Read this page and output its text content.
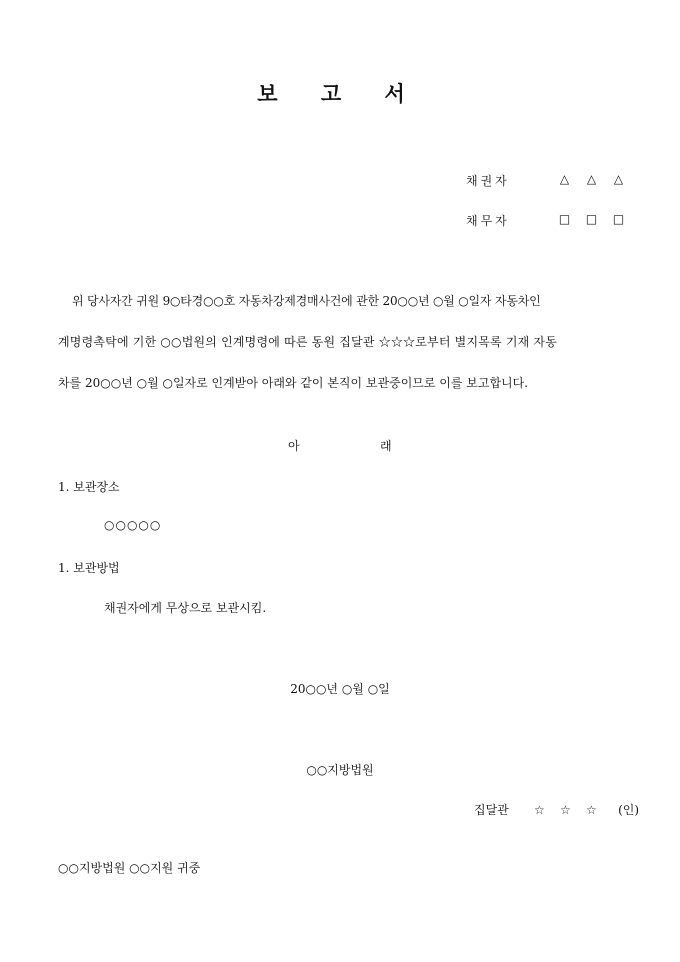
보 고 서
채권자	△ △ △
채무자	□ □ □
위 당사자간 귀원 9○타경○○호 자동차강제경매사건에 관한 20○○년 ○월 ○일자 자동차인
계명령촉탁에 기한 ○○법원의 인계명령에 따른 동원 집달관 ☆☆☆로부터 별지목록 기재 자동
차를 20○○년 ○월 ○일자로 인계받아 아래와 같이 본직이 보관중이므로 이를 보고합니다.
아	래
1. 보관장소
○○○○○
1. 보관방법
채권자에게 무상으로 보관시킴.
20○○년 ○월 ○일
○○지방법원
집달관 ☆ ☆ ☆ (인)
○○지방법원 ○○지원 귀중
